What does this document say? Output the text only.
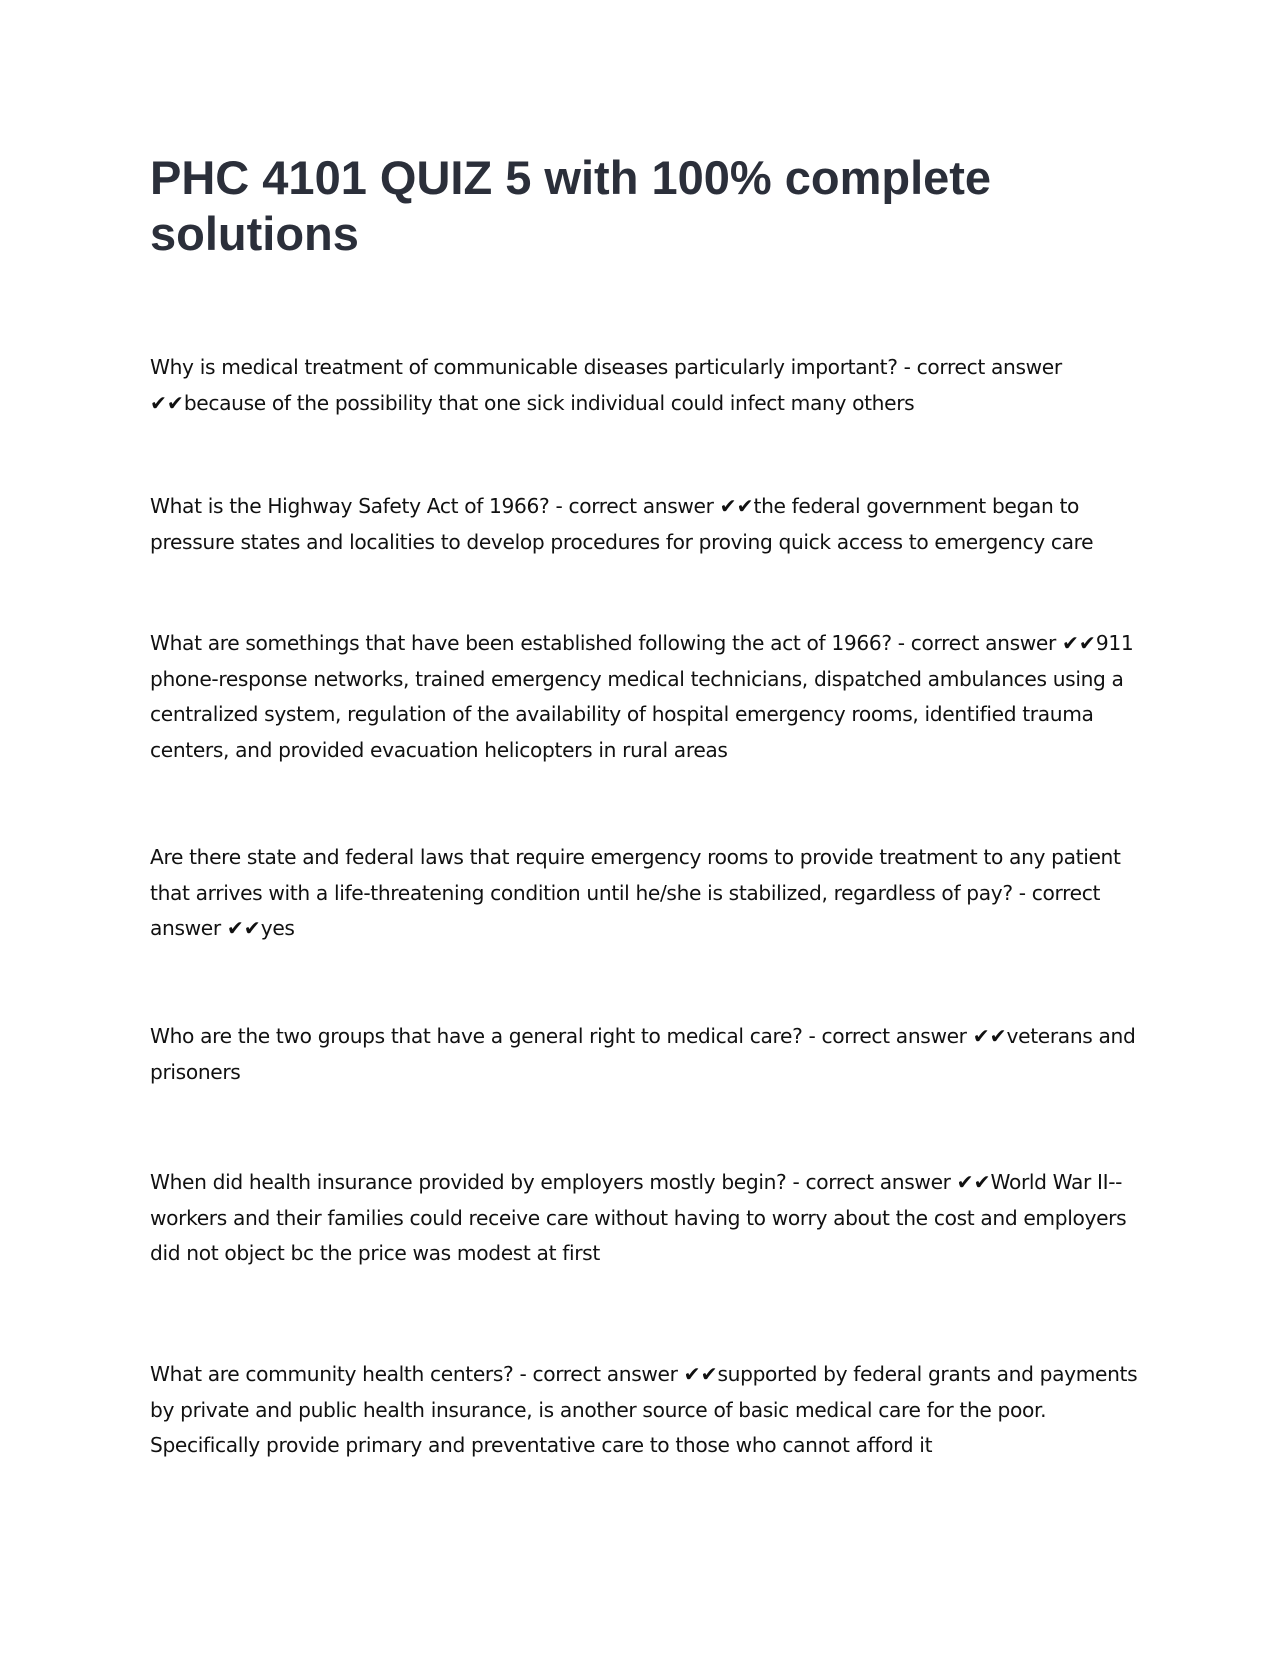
PHC 4101 QUIZ 5 with 100% complete solutions

Why is medical treatment of communicable diseases particularly important? - correct answer ✔✔because of the possibility that one sick individual could infect many others

What is the Highway Safety Act of 1966? - correct answer ✔✔the federal government began to pressure states and localities to develop procedures for proving quick access to emergency care

What are somethings that have been established following the act of 1966? - correct answer ✔✔911 phone-response networks, trained emergency medical technicians, dispatched ambulances using a centralized system, regulation of the availability of hospital emergency rooms, identified trauma centers, and provided evacuation helicopters in rural areas

Are there state and federal laws that require emergency rooms to provide treatment to any patient that arrives with a life-threatening condition until he/she is stabilized, regardless of pay? - correct answer ✔✔yes

Who are the two groups that have a general right to medical care? - correct answer ✔✔veterans and prisoners

When did health insurance provided by employers mostly begin? - correct answer ✔✔World War II-- workers and their families could receive care without having to worry about the cost and employers did not object bc the price was modest at first

What are community health centers? - correct answer ✔✔supported by federal grants and payments by private and public health insurance, is another source of basic medical care for the poor. Specifically provide primary and preventative care to those who cannot afford it
